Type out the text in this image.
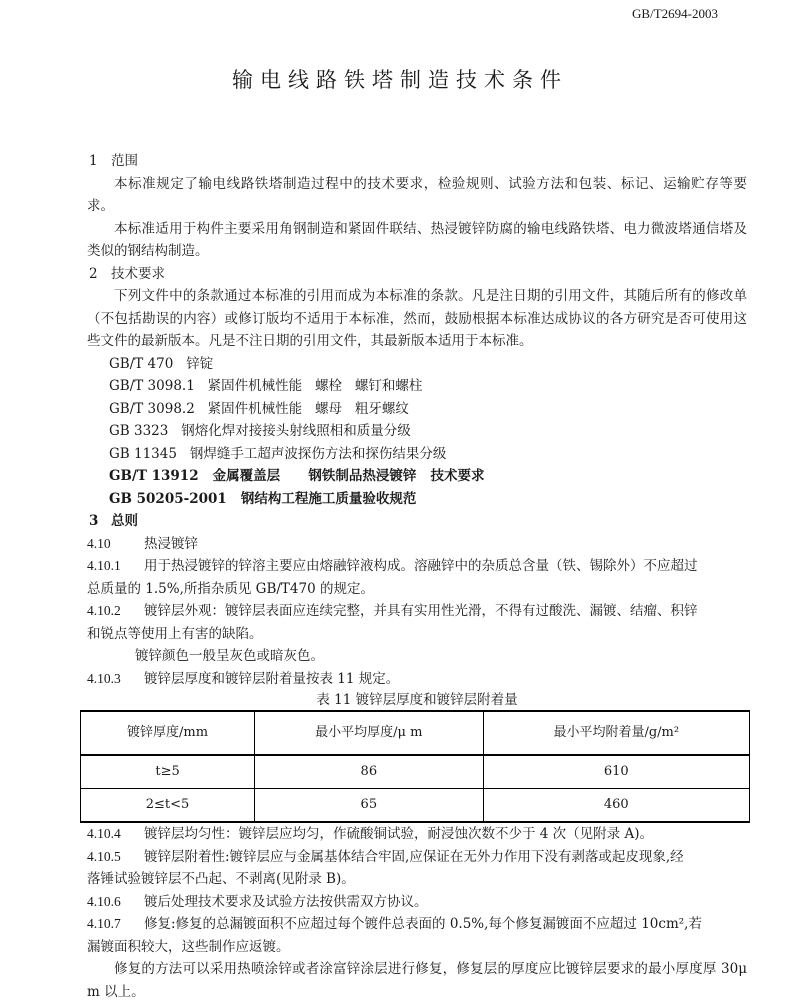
GB/T2694-2003
输电线路铁塔制造技术条件

1 范围

本标准规定了输电线路铁塔制造过程中的技术要求，检验规则、试验方法和包装、标记、运输贮存等要求。

本标准适用于构件主要采用角钢制造和紧固件联结、热浸镀锌防腐的输电线路铁塔、电力微波塔通信塔及类似的钢结构制造。

2 技术要求

下列文件中的条款通过本标准的引用而成为本标准的条款。凡是注日期的引用文件，其随后所有的修改单（不包括勘误的内容）或修订版均不适用于本标准，然而，鼓励根据本标准达成协议的各方研究是否可使用这些文件的最新版本。凡是不注日期的引用文件，其最新版本适用于本标准。

GB/T 470   锌锭

GB/T 3098.1   紧固件机械性能   螺栓   螺钉和螺柱

GB/T 3098.2   紧固件机械性能   螺母   粗牙螺纹

GB 3323   钢熔化焊对接接头射线照相和质量分级

GB 11345   钢焊缝手工超声波探伤方法和探伤结果分级

GB/T 13912   金属覆盖层      钢铁制品热浸镀锌   技术要求

GB 50205-2001   钢结构工程施工质量验收规范

3 总则

4.10 热浸镀锌

4.10.1 用于热浸镀锌的锌溶主要应由熔融锌液构成。溶融锌中的杂质总含量（铁、锡除外）不应超过

总质量的 1.5%,所指杂质见 GB/T470 的规定。

4.10.2 镀锌层外观：镀锌层表面应连续完整，并具有实用性光滑，不得有过酸洗、漏镀、结瘤、积锌

和锐点等使用上有害的缺陷。

镀锌颜色一般呈灰色或暗灰色。

4.10.3 镀锌层厚度和镀锌层附着量按表 11 规定。

表 11 镀锌层厚度和镀锌层附着量

镀锌厚度/mm	最小平均厚度/μ m	最小平均附着量/g/m²
t≥5	86	610
2≤t<5	65	460

4.10.4 镀锌层均匀性：镀锌层应均匀，作硫酸铜试验，耐浸蚀次数不少于 4 次（见附录 A)。

4.10.5 镀锌层附着性:镀锌层应与金属基体结合牢固,应保证在无外力作用下没有剥落或起皮现象,经

落锤试验镀锌层不凸起、不剥离(见附录 B)。

4.10.6 镀后处理技术要求及试验方法按供需双方协议。

4.10.7 修复:修复的总漏镀面积不应超过每个镀件总表面的 0.5%,每个修复漏镀面不应超过 10cm²,若

漏镀面积较大，这些制作应返镀。

修复的方法可以采用热喷涂锌或者涂富锌涂层进行修复，修复层的厚度应比镀锌层要求的最小厚度厚 30μ m 以上。
